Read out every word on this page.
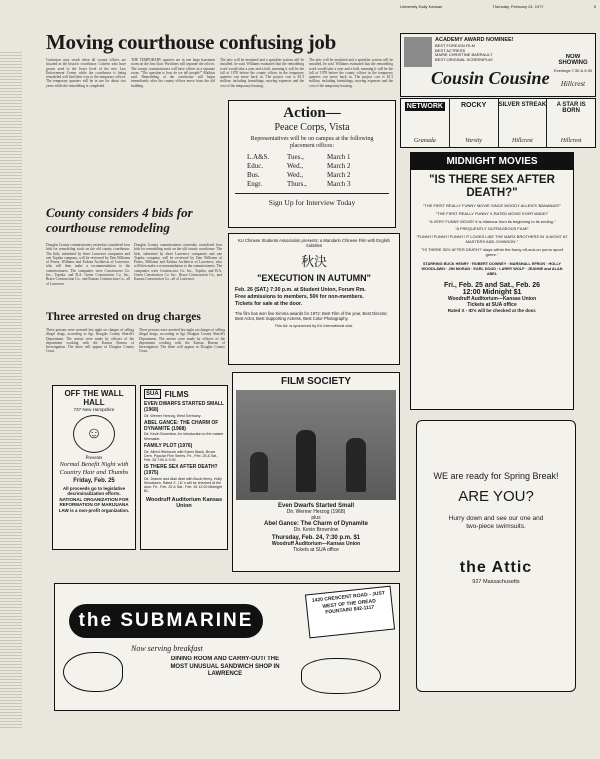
University Daily Kansan	Thursday, February 24, 1977	5
Moving courthouse confusing job
Confusion may result when all county offices are situated in the historic courthouse. Citizens who have grown used to the lower level of the new Law Enforcement Center while the courthouse is being remodeled will find their way to the temporary offices. The temporary quarters will be in use for about two years while the remodeling is completed.
THE TEMPORARY quarters are in one large basement room on the first floor. Partitions will separate the offices. The county commissioners will have offices in a separate room. "The question is how do we tell people?" Mathias said. Remodeling of the courthouse will begin immediately after the county offices move from the old building.
The attic will be insulated and a sprinkler system will be installed, he said. Williams estimated that the remodeling work would take a year and a half, meaning it will be the fall of 1978 before the county offices in the temporary quarters can move back in. The project cost is $1.3 million, including furnishings, moving expenses and the cost of the temporary housing.
The attic will be insulated and a sprinkler system will be installed, he said. Williams estimated that the remodeling work would take a year and a half, meaning it will be the fall of 1978 before the county offices in the temporary quarters can move back in. The project cost is $1.3 million, including furnishings, moving expenses and the cost of the temporary housing.
County considers 4 bids for courthouse remodeling
Douglas County commissioners yesterday considered four bids for remodeling work on the old county courthouse. The bids, submitted by three Lawrence companies and one Topeka company, will be reviewed by Dan Williams of Peters, Williams and Kubota Architects of Lawrence, who will then make a recommendation to the commissioners. The companies were Constructors Co. Inc., Topeka, and B.A. Green Construction Co. Inc., Bruce Construction Co., and Kansas Construction Co., all of Lawrence.
Douglas County commissioners yesterday considered four bids for remodeling work on the old county courthouse. The bids, submitted by three Lawrence companies and one Topeka company, will be reviewed by Dan Williams of Peters, Williams and Kubota Architects of Lawrence, who will then make a recommendation to the commissioners. The companies were Constructors Co. Inc., Topeka, and B.A. Green Construction Co. Inc., Bruce Construction Co., and Kansas Construction Co., all of Lawrence.
Three arrested on drug charges
Three persons were arrested last night on charges of selling illegal drugs, according to Sgt. Douglas County Sheriff's Department. The arrests were made by officers of the department working with the Kansas Bureau of Investigation. The three will appear in Douglas County Court.
Three persons were arrested last night on charges of selling illegal drugs, according to Sgt. Douglas County Sheriff's Department. The arrests were made by officers of the department working with the Kansas Bureau of Investigation. The three will appear in Douglas County Court.
Action—
Peace Corps, Vista
Representatives will be on campus at the following placement offices:
L.A&S.	Tues.,	March 1
Educ.	Wed.,	March 2
Bus.	Wed.,	March 2
Engr.	Thurs.,	March 3
Sign Up for Interview Today
ACADEMY AWARD NOMINEE!
BEST FOREIGN FILM
BEST ACTRESS
MARIE CHRISTINE BARRAULT
BEST ORIGINAL SCREENPLAY
Cousin Cousine
NOW SHOWING
Evenings 7:30 & 9:30
Hillcrest
NETWORK
Granada
ROCKY
Varsity
SILVER STREAK
Hillcrest
A STAR IS BORN
Hillcrest
MIDNIGHT MOVIES
"IS THERE SEX AFTER DEATH?"
"THE FIRST REALLY FUNNY MOVIE SINCE WOODY ALLEN'S 'BANANAS!'"
"THE FIRST REALLY FUNNY X-RATED MOVIE EVER MADE!"
"A VERY FUNNY MOVIE! It is hilarious from its beginning to its ending."
"A FREQUENTLY OUTRAGEOUS FILM!"
"FUNNY! FUNNY! FUNNY! IT LOOKS LIKE THE MARX BROTHERS IN 'A NIGHT AT MASTERS AND JOHNSON'."
"'IS THERE SEX AFTER DEATH?' stays within the funny off-and-on porno spoof genre."
STARRING BUCK HENRY · ROBERT DOWNEY · MARSHALL EFRON · HOLLY WOODLAWN · JIM MORAN · EARL DOUD · LARRY WOLF · JEANNE and ALAN ABEL
Fri., Feb. 25 and Sat., Feb. 26
12:00 Midnight $1
Woodruff Auditorium—Kansas Union
Tickets at SUA office
Rated X - ID's will be checked at the door.
KU Chinese Students Association presents: a Mandarin Chinese Film with English Subtitles
秋決
"EXECUTION IN AUTUMN"
Feb. 26 (SAT.) 7:30 p.m. at Student Union, Forum Rm.
Free admissions to members, 50¢ for non-members.
Tickets for sale at the door.
The film has won five Kimma awards for 1972: Best Film of the year, Best Director, Best Actor, Best Supporting Actress, Best Color Photography.
This Ad. is sponsored by KU international club.
OFF THE WALL HALL
737 New Hampshire
☺
Presents
Normal Benefit Night with Country Hair and Thumbs
Friday, Feb. 25
All proceeds go to legislative decriminalization efforts. NATIONAL ORGANIZATION FOR REFORMATION OF MARIJUANA LAW is a non-profit organization.
SUA FILMS
EVEN DWARFS STARTED SMALL (1968)
Dir. Werner Herzog, West Germany.
ABEL GANCE: THE CHARM OF DYNAMITE (1968)
Dir. Kevin Brownlow. An introduction to the master filmmaker.
FAMILY PLOT (1976)
Dir. Alfred Hitchcock with Karen Black, Bruce Dern. Popular Film Series. Fri., Feb. 25 & Sat., Feb. 26 7:00 & 9:30.
IS THERE SEX AFTER DEATH? (1975)
Dir. Jeanne and Alan Abel with Buck Henry, Holly Woodlawn. Rated X. I.D.'s will be checked at the door. Fri., Feb. 25 & Sat., Feb. 26 12:00 Midnight $1.
Woodruff Auditorium Kansas Union
FILM SOCIETY
Even Dwarfs Started Small
Dir. Werner Herzog (1968)
plus
Abel Gance: The Charm of Dynamite
Dir. Kevin Brownlow
Thursday, Feb. 24, 7:30 p.m. $1
Woodruff Auditorium—Kansas Union
Tickets at SUA office
WE are ready for Spring Break!
ARE YOU?
Hurry down and see our one and two-piece swimsuits.
the Attic
927 Massachusetts
the SUBMARINE
Now serving breakfast
DINING ROOM AND CARRY-OUT/ THE MOST UNUSUAL SANDWICH SHOP IN LAWRENCE
1420 CRESCENT ROAD - JUST WEST OF THE OREAD FOUNTAIN! 842-1117
